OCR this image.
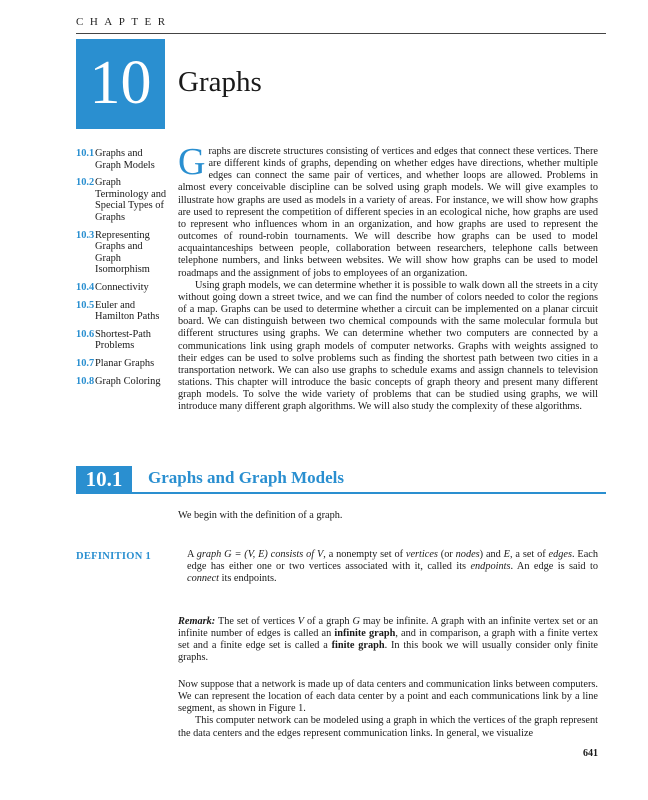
CHAPTER
10 Graphs
10.1 Graphs and Graph Models
10.2 Graph Terminology and Special Types of Graphs
10.3 Representing Graphs and Graph Isomorphism
10.4 Connectivity
10.5 Euler and Hamilton Paths
10.6 Shortest-Path Problems
10.7 Planar Graphs
10.8 Graph Coloring

Graphs are discrete structures consisting of vertices and edges that connect these vertices. There are different kinds of graphs, depending on whether edges have directions, whether multiple edges can connect the same pair of vertices, and whether loops are allowed. Problems in almost every conceivable discipline can be solved using graph models. We will give examples to illustrate how graphs are used as models in a variety of areas. For instance, we will show how graphs are used to represent the competition of different species in an ecological niche, how graphs are used to represent who influences whom in an organization, and how graphs are used to represent the outcomes of round-robin tournaments. We will describe how graphs can be used to model acquaintanceships between people, collaboration between researchers, telephone calls between telephone numbers, and links between websites. We will show how graphs can be used to model roadmaps and the assignment of jobs to employees of an organization.

Using graph models, we can determine whether it is possible to walk down all the streets in a city without going down a street twice, and we can find the number of colors needed to color the regions of a map. Graphs can be used to determine whether a circuit can be implemented on a planar circuit board. We can distinguish between two chemical compounds with the same molecular formula but different structures using graphs. We can determine whether two computers are connected by a communications link using graph models of computer networks. Graphs with weights assigned to their edges can be used to solve problems such as finding the shortest path between two cities in a transportation network. We can also use graphs to schedule exams and assign channels to television stations. This chapter will introduce the basic concepts of graph theory and present many different graph models. To solve the wide variety of problems that can be studied using graphs, we will introduce many different graph algorithms. We will also study the complexity of these algorithms.

10.1	Graphs and Graph Models

We begin with the definition of a graph.

DEFINITION 1	A graph G = (V, E) consists of V, a nonempty set of vertices (or nodes) and E, a set of edges. Each edge has either one or two vertices associated with it, called its endpoints. An edge is said to connect its endpoints.

Remark: The set of vertices V of a graph G may be infinite. A graph with an infinite vertex set or an infinite number of edges is called an infinite graph, and in comparison, a graph with a finite vertex set and a finite edge set is called a finite graph. In this book we will usually consider only finite graphs.

Now suppose that a network is made up of data centers and communication links between computers. We can represent the location of each data center by a point and each communications link by a line segment, as shown in Figure 1.

This computer network can be modeled using a graph in which the vertices of the graph represent the data centers and the edges represent communication links. In general, we visualize

641
